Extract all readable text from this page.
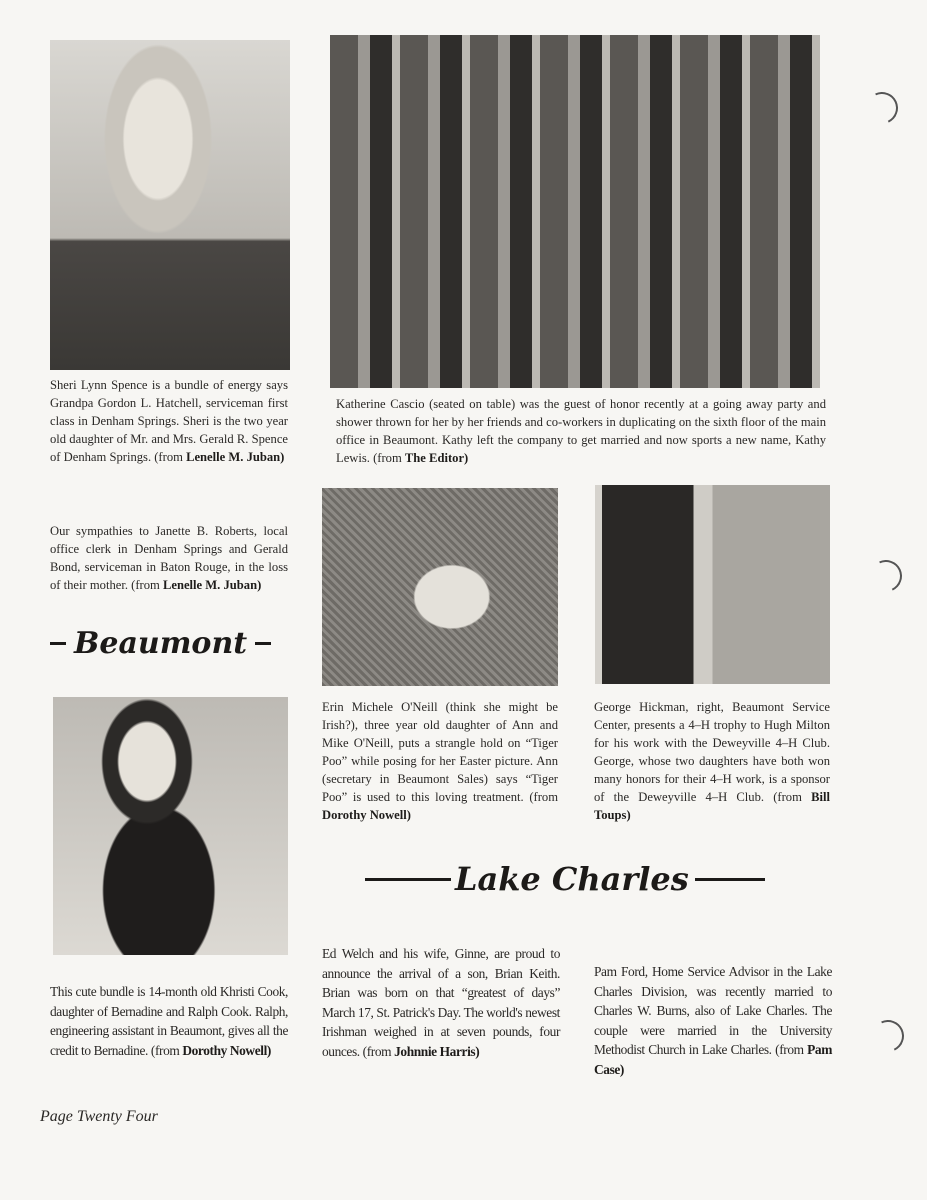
Sheri Lynn Spence is a bundle of energy says Grandpa Gordon L. Hatchell, serviceman first class in Denham Springs. Sheri is the two year old daughter of Mr. and Mrs. Gerald R. Spence of Denham Springs. (from Lenelle M. Juban)
Our sympathies to Janette B. Roberts, local office clerk in Denham Springs and Gerald Bond, serviceman in Baton Rouge, in the loss of their mother. (from Lenelle M. Juban)
Katherine Cascio (seated on table) was the guest of honor recently at a going away party and shower thrown for her by her friends and co-workers in duplicating on the sixth floor of the main office in Beaumont. Kathy left the company to get married and now sports a new name, Kathy Lewis. (from The Editor)
Erin Michele O'Neill (think she might be Irish?), three year old daughter of Ann and Mike O'Neill, puts a strangle hold on “Tiger Poo” while posing for her Easter picture. Ann (secretary in Beaumont Sales) says “Tiger Poo” is used to this loving treatment. (from Dorothy Nowell)
George Hickman, right, Beaumont Service Center, presents a 4–H trophy to Hugh Milton for his work with the Deweyville 4–H Club. George, whose two daughters have both won many honors for their 4–H work, is a sponsor of the Deweyville 4–H Club. (from Bill Toups)
This cute bundle is 14-month old Khristi Cook, daughter of Bernadine and Ralph Cook. Ralph, engineering assistant in Beaumont, gives all the credit to Bernadine. (from Dorothy Nowell)
Ed Welch and his wife, Ginne, are proud to announce the arrival of a son, Brian Keith. Brian was born on that “greatest of days” March 17, St. Patrick's Day. The world's newest Irishman weighed in at seven pounds, four ounces. (from Johnnie Harris)
Pam Ford, Home Service Advisor in the Lake Charles Division, was recently married to Charles W. Burns, also of Lake Charles. The couple were married in the University Methodist Church in Lake Charles. (from Pam Case)
Beaumont
Lake Charles
Page Twenty Four
